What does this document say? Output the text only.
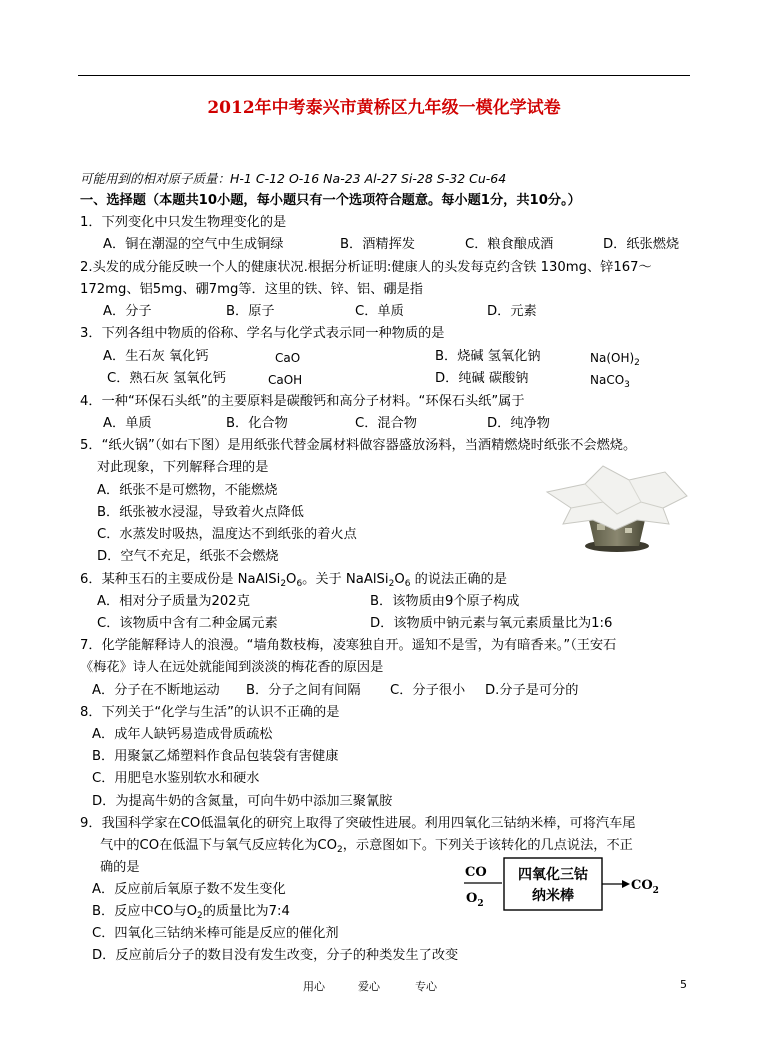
2012年中考泰兴市黄桥区九年级一模化学试卷
可能用到的相对原子质量：H-1 C-12 O-16 Na-23 Al-27 Si-28 S-32 Cu-64
一、选择题（本题共10小题，每小题只有一个选项符合题意。每小题1分，共10分。）
1．下列变化中只发生物理变化的是
A．铜在潮湿的空气中生成铜绿	B．酒精挥发	C．粮食酿成酒	D．纸张燃烧
2.头发的成分能反映一个人的健康状况.根据分析证明:健康人的头发每克约含铁 130mg、锌167～
172mg、铝5mg、硼7mg等．这里的铁、锌、铝、硼是指
A．分子	B．原子	C．单质	D．元素
3．下列各组中物质的俗称、学名与化学式表示同一种物质的是
A．生石灰 氧化钙	CaO	B．烧碱 氢氧化钠	$Na(OH)_2$
C．熟石灰 氢氧化钙	CaOH	D．纯碱 碳酸钠	NaCO$_3$
4．一种“环保石头纸”的主要原料是碳酸钙和高分子材料。“环保石头纸”属于
A．单质	B．化合物	C．混合物	D．纯净物
5．“纸火锅”（如右下图）是用纸张代替金属材料做容器盛放汤料，当酒精燃烧时纸张不会燃烧。
对此现象，下列解释合理的是
A．纸张不是可燃物，不能燃烧
B．纸张被水浸湿，导致着火点降低
C．水蒸发时吸热，温度达不到纸张的着火点
D．空气不充足，纸张不会燃烧
6．某种玉石的主要成份是 $NaAlSi_2O_6$。关于 $NaAlSi_2O_6$ 的说法正确的是
A．相对分子质量为202克	B．该物质由9个原子构成
C．该物质中含有二种金属元素	D．该物质中钠元素与氧元素质量比为1:6
7．化学能解释诗人的浪漫。“墙角数枝梅，凌寒独自开。遥知不是雪，为有暗香来。”（王安石
《梅花》诗人在远处就能闻到淡淡的梅花香的原因是
A．分子在不断地运动 B．分子之间有间隔 C．分子很小 D.分子是可分的
8．下列关于“化学与生活”的认识不正确的是
A．成年人缺钙易造成骨质疏松
B．用聚氯乙烯塑料作食品包装袋有害健康
C．用肥皂水鉴别软水和硬水
D．为提高牛奶的含氮量，可向牛奶中添加三聚氰胺
9．我国科学家在CO低温氧化的研究上取得了突破性进展。利用四氧化三钴纳米棒，可将汽车尾
气中的CO在低温下与氧气反应转化为$CO_2$，示意图如下。下列关于该转化的几点说法，不正
确的是
A．反应前后氧原子数不发生变化
B．反应中CO与$O_2$的质量比为7:4
C．四氧化三钴纳米棒可能是反应的催化剂
D．反应前后分子的数目没有发生改变，分子的种类发生了改变
CO
$O_2$
四氧化三钴
纳米棒
$CO_2$
用心	爱心	专心	5
